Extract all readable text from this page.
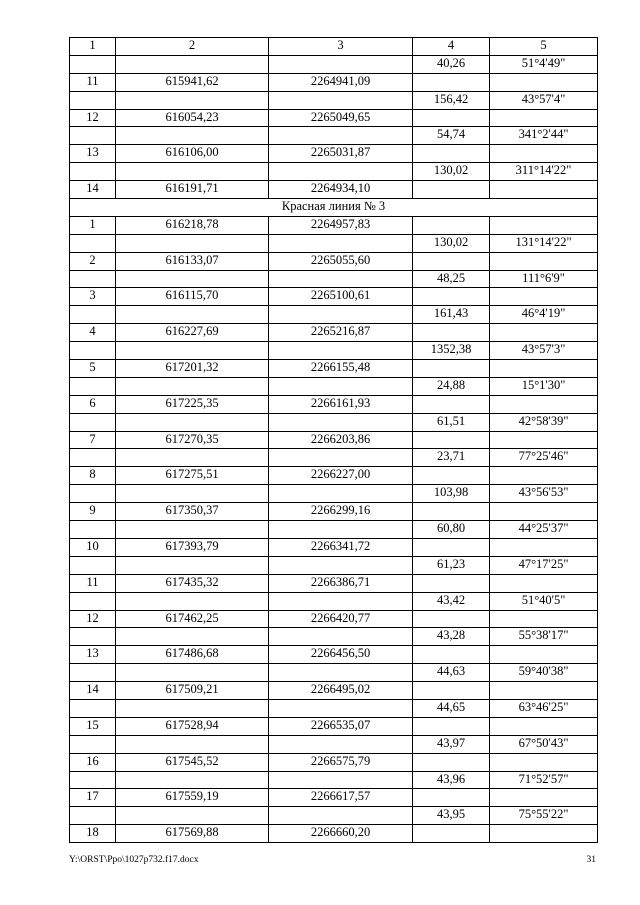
1	2	3	4	5
			40,26	51°4'49"
11	615941,62	2264941,09		
			156,42	43°57'4"
12	616054,23	2265049,65		
			54,74	341°2'44"
13	616106,00	2265031,87		
			130,02	311°14'22"
14	616191,71	2264934,10		
Красная линия № 3				
1	616218,78	2264957,83		
			130,02	131°14'22"
2	616133,07	2265055,60		
			48,25	111°6'9"
3	616115,70	2265100,61		
			161,43	46°4'19"
4	616227,69	2265216,87		
			1352,38	43°57'3"
5	617201,32	2266155,48		
			24,88	15°1'30"
6	617225,35	2266161,93		
			61,51	42°58'39"
7	617270,35	2266203,86		
			23,71	77°25'46"
8	617275,51	2266227,00		
			103,98	43°56'53"
9	617350,37	2266299,16		
			60,80	44°25'37"
10	617393,79	2266341,72		
			61,23	47°17'25"
11	617435,32	2266386,71		
			43,42	51°40'5"
12	617462,25	2266420,77		
			43,28	55°38'17"
13	617486,68	2266456,50		
			44,63	59°40'38"
14	617509,21	2266495,02		
			44,65	63°46'25"
15	617528,94	2266535,07		
			43,97	67°50'43"
16	617545,52	2266575,79		
			43,96	71°52'57"
17	617559,19	2266617,57		
			43,95	75°55'22"
18	617569,88	2266660,20		
Y:\ORST\Ppo\1027p732.f17.docx	31
